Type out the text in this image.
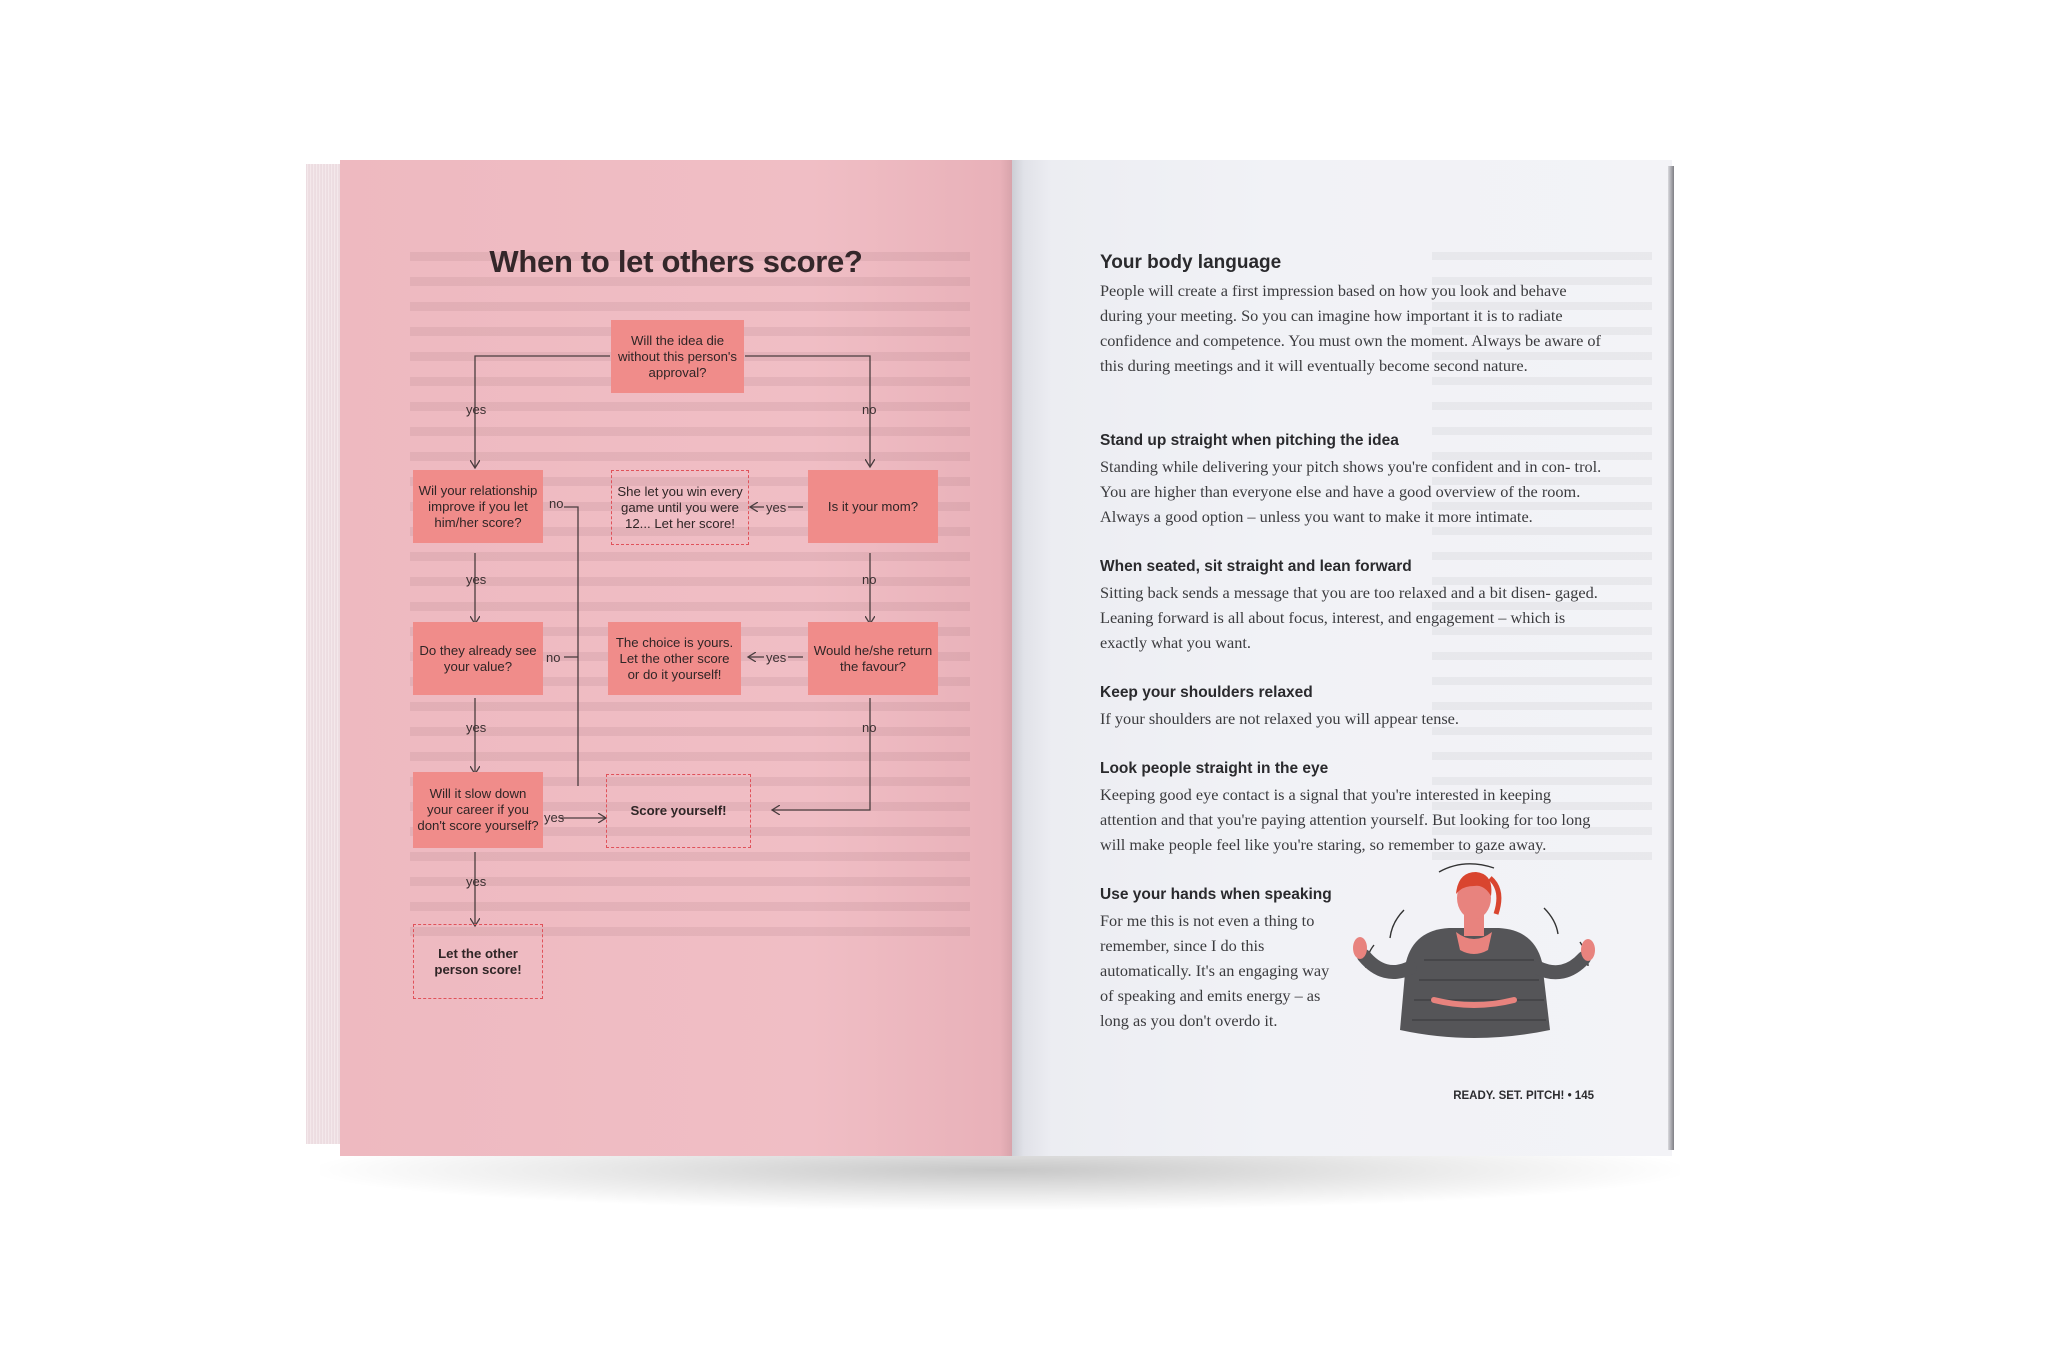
When to let others score?
yes	no
no	yes
yes	no
no	yes
yes	no
yes
yes
Will the idea die without this person's approval?
Wil your relationship improve if you let him/her score?
She let you win every game until you were 12... Let her score!
Is it your mom?
Do they already see your value?
The choice is yours. Let the other score or do it yourself!
Would he/she return the favour?
Will it slow down your career if you don't score yourself?
Score yourself!
Let the other person score!
Your body language

People will create a first impression based on how you look and behave during your meeting. So you can imagine how important it is to radiate confidence and competence. You must own the moment. Always be aware of this during meetings and it will eventually become second nature.

Stand up straight when pitching the idea

Standing while delivering your pitch shows you're confident and in con- trol. You are higher than everyone else and have a good overview of the room. Always a good option – unless you want to make it more intimate.

When seated, sit straight and lean forward

Sitting back sends a message that you are too relaxed and a bit disen- gaged. Leaning forward is all about focus, interest, and engagement – which is exactly what you want.

Keep your shoulders relaxed

If your shoulders are not relaxed you will appear tense.

Look people straight in the eye

Keeping good eye contact is a signal that you're interested in keeping attention and that you're paying attention yourself. But looking for too long will make people feel like you're staring, so remember to gaze away.

Use your hands when speaking

For me this is not even a thing to remember, since I do this automatically. It's an engaging way of speaking and emits energy – as long as you don't overdo it.

READY. SET. PITCH! • 145
